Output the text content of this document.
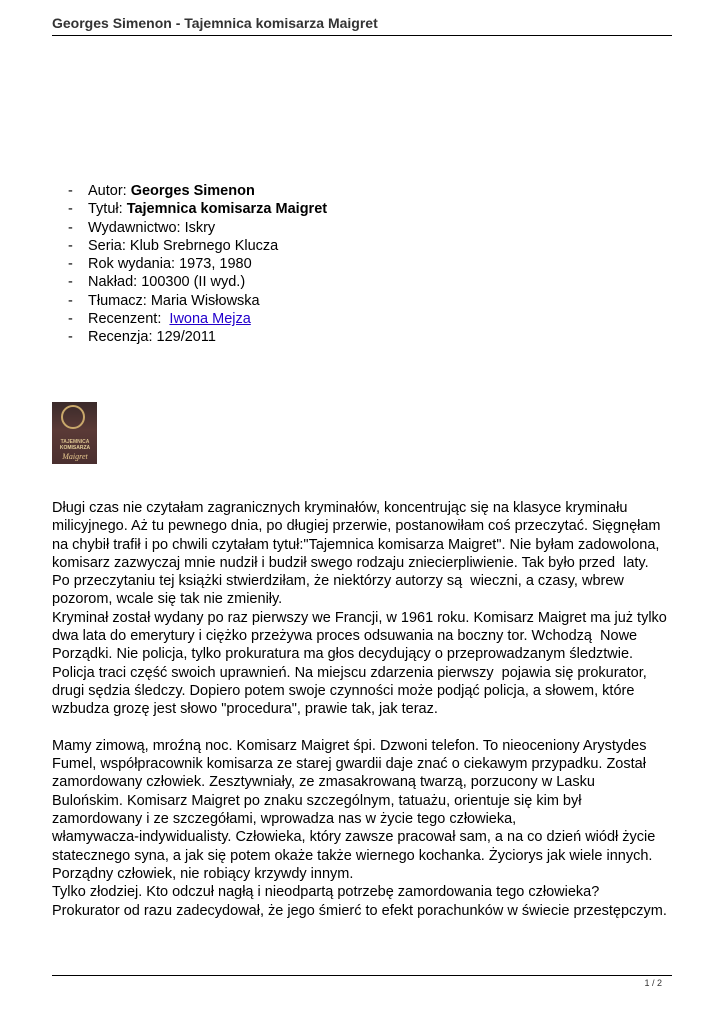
Georges Simenon - Tajemnica komisarza Maigret
-	Autor: Georges Simenon
-	Tytuł: Tajemnica komisarza Maigret
-	Wydawnictwo: Iskry
-	Seria: Klub Srebrnego Klucza
-	Rok wydania: 1973, 1980
-	Nakład: 100300 (II wyd.)
-	Tłumacz: Maria Wisłowska
-	Recenzent: Iwona Mejza
-	Recenzja: 129/2011
TAJEMNICA
KOMISARZA
Maigret
Długi czas nie czytałam zagranicznych kryminałów, koncentrując się na klasyce kryminału
milicyjnego. Aż tu pewnego dnia, po długiej przerwie, postanowiłam coś przeczytać. Sięgnęłam
na chybił trafił i po chwili czytałam tytuł:"Tajemnica komisarza Maigret". Nie byłam zadowolona,
komisarz zazwyczaj mnie nudził i budził swego rodzaju zniecierpliwienie. Tak było przed  laty.
Po przeczytaniu tej książki stwierdziłam, że niektórzy autorzy są  wieczni, a czasy, wbrew
pozorom, wcale się tak nie zmieniły.
Kryminał został wydany po raz pierwszy we Francji, w 1961 roku. Komisarz Maigret ma już tylko
dwa lata do emerytury i ciężko przeżywa proces odsuwania na boczny tor. Wchodzą  Nowe
Porządki. Nie policja, tylko prokuratura ma głos decydujący o przeprowadzanym śledztwie.
Policja traci część swoich uprawnień. Na miejscu zdarzenia pierwszy  pojawia się prokurator,
drugi sędzia śledczy. Dopiero potem swoje czynności może podjąć policja, a słowem, które
wzbudza grozę jest słowo "procedura", prawie tak, jak teraz.
Mamy zimową, mroźną noc. Komisarz Maigret śpi. Dzwoni telefon. To nieoceniony Arystydes
Fumel, współpracownik komisarza ze starej gwardii daje znać o ciekawym przypadku. Został
zamordowany człowiek. Zesztywniały, ze zmasakrowaną twarzą, porzucony w Lasku
Bulońskim. Komisarz Maigret po znaku szczególnym, tatuażu, orientuje się kim był
zamordowany i ze szczegółami, wprowadza nas w życie tego człowieka,
włamywacza-indywidualisty. Człowieka, który zawsze pracował sam, a na co dzień wiódł życie
statecznego syna, a jak się potem okaże także wiernego kochanka. Życiorys jak wiele innych.
Porządny człowiek, nie robiący krzywdy innym.
Tylko złodziej. Kto odczuł nagłą i nieodpartą potrzebę zamordowania tego człowieka?
Prokurator od razu zadecydował, że jego śmierć to efekt porachunków w świecie przestępczym.
1 / 2
